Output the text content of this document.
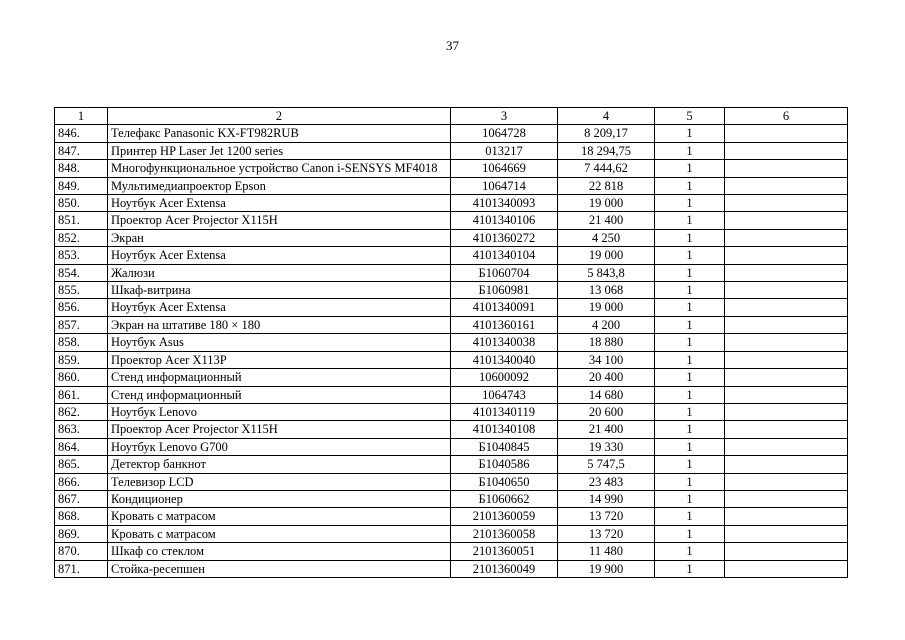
37
1	2	3	4	5	6
846.	Телефакс Panasonic KX-FT982RUB	1064728	8 209,17	1	
847.	Принтер HP Laser Jet 1200 series	013217	18 294,75	1	
848.	Многофункциональное устройство Canon i-SENSYS MF4018	1064669	7 444,62	1	
849.	Мультимедиапроектор Epson	1064714	22 818	1	
850.	Ноутбук Acer Extensa	4101340093	19 000	1	
851.	Проектор Acer Projector X115H	4101340106	21 400	1	
852.	Экран	4101360272	4 250	1	
853.	Ноутбук Acer Extensa	4101340104	19 000	1	
854.	Жалюзи	Б1060704	5 843,8	1	
855.	Шкаф-витрина	Б1060981	13 068	1	
856.	Ноутбук Acer Extensa	4101340091	19 000	1	
857.	Экран на штативе 180 × 180	4101360161	4 200	1	
858.	Ноутбук Asus	4101340038	18 880	1	
859.	Проектор Acer X113P	4101340040	34 100	1	
860.	Стенд информационный	10600092	20 400	1	
861.	Стенд информационный	1064743	14 680	1	
862.	Ноутбук Lenovo	4101340119	20 600	1	
863.	Проектор Acer Projector X115H	4101340108	21 400	1	
864.	Ноутбук Lenovo G700	Б1040845	19 330	1	
865.	Детектор банкнот	Б1040586	5 747,5	1	
866.	Телевизор LCD	Б1040650	23 483	1	
867.	Кондиционер	Б1060662	14 990	1	
868.	Кровать с матрасом	2101360059	13 720	1	
869.	Кровать с матрасом	2101360058	13 720	1	
870.	Шкаф со стеклом	2101360051	11 480	1	
871.	Стойка-ресепшен	2101360049	19 900	1	
